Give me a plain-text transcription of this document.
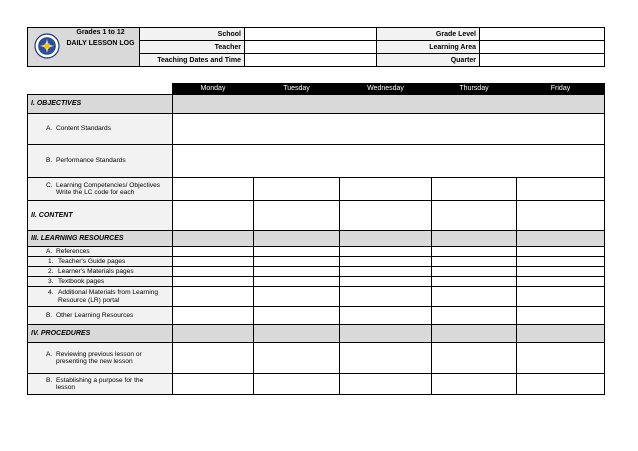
Grades 1 to 12
DAILY LESSON LOG	School		Grade Level	
	Teacher		Learning Area	
	Teaching Dates and Time		Quarter	
	Monday	Tuesday	Wednesday	Thursday	Friday
I. OBJECTIVES					
A. Content Standards					
B. Performance Standards					
C. Learning Competencies/ Objectives
Write the LC code for each					
II. CONTENT					
III. LEARNING RESOURCES					
A. References					
1. Teacher's Guide pages					
2. Learner's Materials pages					
3. Textbook pages					
4. Additional Materials from Learning
Resource (LR) portal					
B. Other Learning Resources					
IV. PROCEDURES					
A. Reviewing previous lesson or
presenting the new lesson					
B. Establishing a purpose for the
lesson					
